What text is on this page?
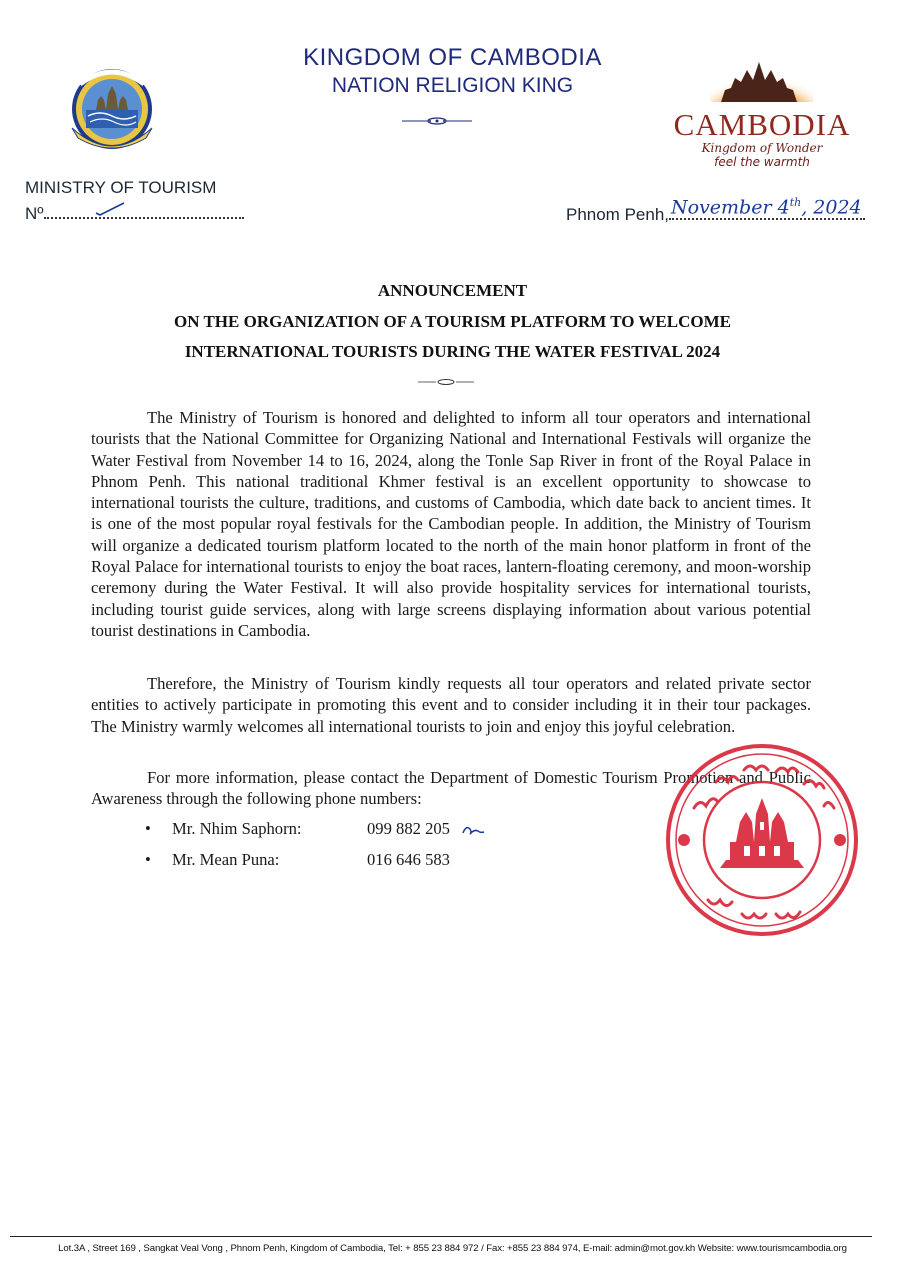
KINGDOM OF CAMBODIA
NATION RELIGION KING
CAMBODIA
Kingdom of Wonder
feel the warmth
MINISTRY OF TOURISM
Nº	Phnom Penh, November 4th, 2024
ANNOUNCEMENT
ON THE ORGANIZATION OF A TOURISM PLATFORM TO WELCOME
INTERNATIONAL TOURISTS DURING THE WATER FESTIVAL 2024
The Ministry of Tourism is honored and delighted to inform all tour operators and international tourists that the National Committee for Organizing National and International Festivals will organize the Water Festival from November 14 to 16, 2024, along the Tonle Sap River in front of the Royal Palace in Phnom Penh. This national traditional Khmer festival is an excellent opportunity to showcase to international tourists the culture, traditions, and customs of Cambodia, which date back to ancient times. It is one of the most popular royal festivals for the Cambodian people. In addition, the Ministry of Tourism will organize a dedicated tourism platform located to the north of the main honor platform in front of the Royal Palace for international tourists to enjoy the boat races, lantern-floating ceremony, and moon-worship ceremony during the Water Festival. It will also provide hospitality services for international tourists, including tourist guide services, along with large screens displaying information about various potential tourist destinations in Cambodia.
Therefore, the Ministry of Tourism kindly requests all tour operators and related private sector entities to actively participate in promoting this event and to consider including it in their tour packages. The Ministry warmly welcomes all international tourists to join and enjoy this joyful celebration.
For more information, please contact the Department of Domestic Tourism Promotion and Public Awareness through the following phone numbers:
• Mr. Nhim Saphorn:	099 882 205
• Mr. Mean Puna:	016 646 583
Lot.3A , Street 169 , Sangkat Veal Vong , Phnom Penh, Kingdom of Cambodia, Tel: + 855 23 884 972 / Fax: +855 23 884 974, E-mail: admin@mot.gov.kh Website: www.tourismcambodia.org
